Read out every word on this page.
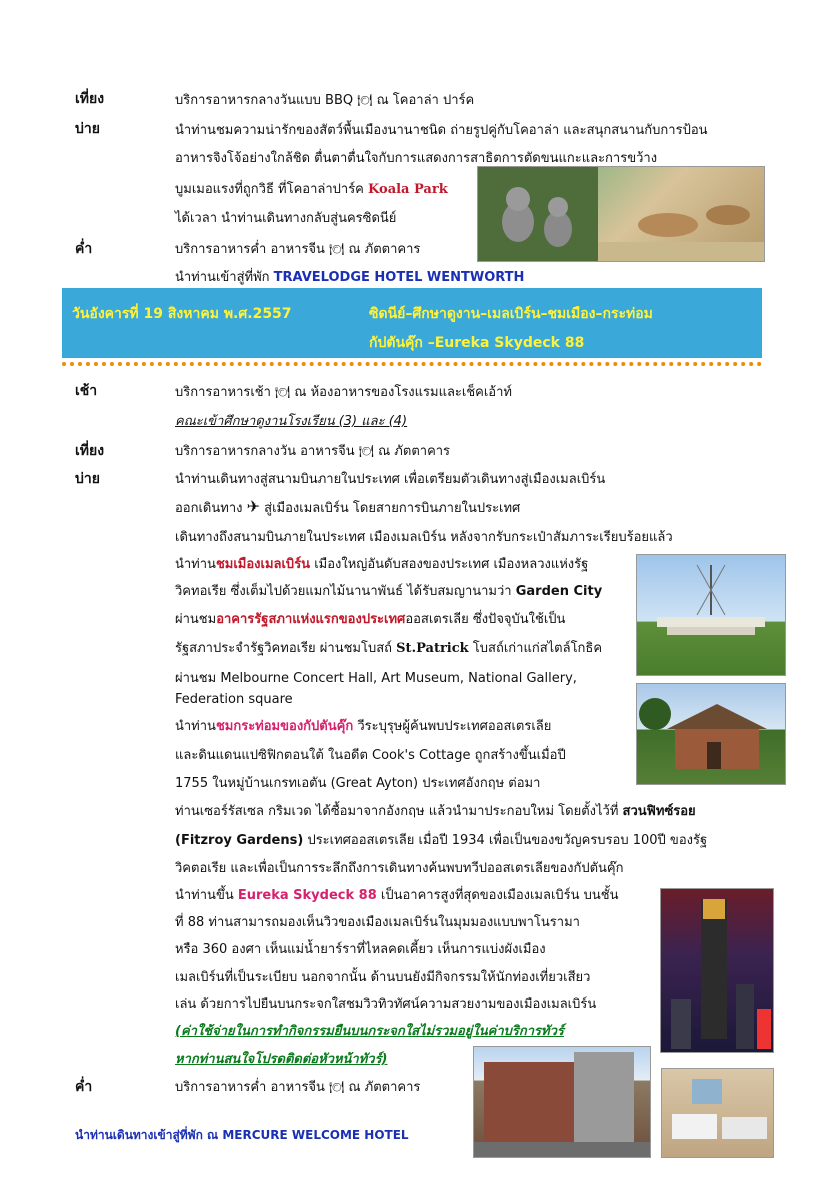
เที่ยง	บริการอาหารกลางวันแบบ BBQ 🍽 ณ โคอาล่า ปาร์ค
บ่าย	นำท่านชมความน่ารักของสัตว์พื้นเมืองนานาชนิด ถ่ายรูปคู่กับโคอาล่า และสนุกสนานกับการป้อน
อาหารจิงโจ้อย่างใกล้ชิด ตื่นตาตื่นใจกับการแสดงการสาธิตการตัดขนแกะและการขว้าง
บูมเมอแรงที่ถูกวิธี ที่โคอาล่าปาร์ค Koala Park
ได้เวลา นำท่านเดินทางกลับสู่นครซิดนีย์
ค่ำ	บริการอาหารค่ำ อาหารจีน 🍽 ณ ภัตตาคาร
นำท่านเข้าสู่ที่พัก TRAVELODGE HOTEL WENTWORTH
วันอังคารที่ 19 สิงหาคม พ.ศ.2557	ซิดนีย์–ศึกษาดูงาน–เมลเบิร์น–ชมเมือง–กระท่อม
กัปตันคุ๊ก –Eureka Skydeck 88
เช้า	บริการอาหารเช้า 🍽 ณ ห้องอาหารของโรงแรมและเช็คเอ้าท์
คณะเข้าศึกษาดูงานโรงเรียน (3) และ (4)
เที่ยง	บริการอาหารกลางวัน อาหารจีน 🍽 ณ ภัตตาคาร
บ่าย	นำท่านเดินทางสู่สนามบินภายในประเทศ เพื่อเตรียมตัวเดินทางสู่เมืองเมลเบิร์น
ออกเดินทาง ✈ สู่เมืองเมลเบิร์น โดยสายการบินภายในประเทศ
เดินทางถึงสนามบินภายในประเทศ เมืองเมลเบิร์น หลังจากรับกระเป๋าสัมภาระเรียบร้อยแล้ว
นำท่านชมเมืองเมลเบิร์น เมืองใหญ่อันดับสองของประเทศ เมืองหลวงแห่งรัฐ
วิคทอเรีย ซึ่งเต็มไปด้วยแมกไม้นานาพันธ์ ได้รับสมญานามว่า Garden City
ผ่านชมอาคารรัฐสภาแห่งแรกของประเทศออสเตรเลีย ซึ่งปัจจุบันใช้เป็น
รัฐสภาประจำรัฐวิคทอเรีย ผ่านชมโบสถ์ St.Patrick โบสถ์เก่าแก่สไตล์โกธิค
ผ่านชม Melbourne Concert Hall, Art Museum, National Gallery,
Federation square
นำท่านชมกระท่อมของกัปตันคุ๊ก วีระบุรุษผู้ค้นพบประเทศออสเตรเลีย
และดินแดนแปซิฟิกตอนใต้ ในอดีต Cook's Cottage ถูกสร้างขึ้นเมื่อปี
1755 ในหมู่บ้านเกรทเอตัน (Great Ayton) ประเทศอังกฤษ ต่อมา
ท่านเซอร์รัสเซล กริมเวด ได้ซื้อมาจากอังกฤษ แล้วนำมาประกอบใหม่ โดยตั้งไว้ที่ สวนฟิทซ์รอย
(Fitzroy Gardens) ประเทศออสเตรเลีย เมื่อปี 1934 เพื่อเป็นของขวัญครบรอบ 100ปี ของรัฐ
วิคตอเรีย และเพื่อเป็นการระลึกถึงการเดินทางค้นพบทวีปออสเตรเลียของกัปตันคุ๊ก
นำท่านขึ้น Eureka Skydeck 88 เป็นอาคารสูงที่สุดของเมืองเมลเบิร์น บนชั้น
ที่ 88 ท่านสามารถมองเห็นวิวของเมืองเมลเบิร์นในมุมมองแบบพาโนรามา
หรือ 360 องศา เห็นแม่น้ำยาร์ราที่ไหลคดเคี้ยว เห็นการแบ่งผังเมือง
เมลเบิร์นที่เป็นระเบียบ นอกจากนั้น ด้านบนยังมีกิจกรรมให้นักท่องเที่ยวเสียว
เล่น ด้วยการไปยืนบนกระจกใสชมวิวทิวทัศน์ความสวยงามของเมืองเมลเบิร์น
(ค่าใช้จ่ายในการทำกิจกรรมยืนบนกระจกใสไม่รวมอยู่ในค่าบริการทัวร์
หากท่านสนใจโปรดติดต่อหัวหน้าทัวร์)
ค่ำ	บริการอาหารค่ำ อาหารจีน 🍽 ณ ภัตตาคาร
นำท่านเดินทางเข้าสู่ที่พัก ณ MERCURE WELCOME HOTEL
